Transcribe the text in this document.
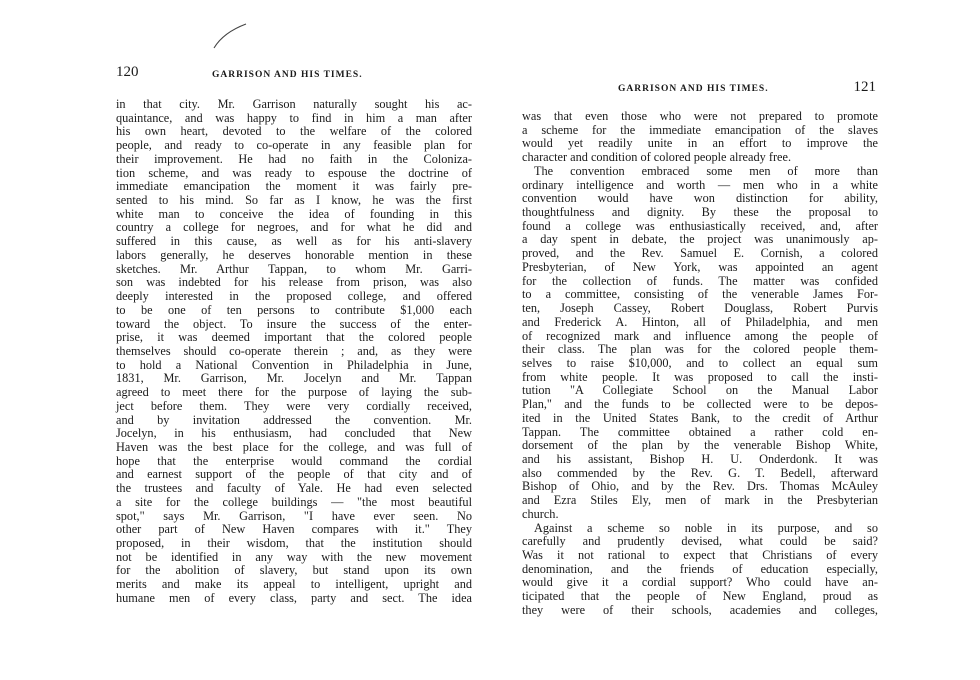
120	GARRISON AND HIS TIMES.

in that city. Mr. Garrison naturally sought his ac-
quaintance, and was happy to find in him a man after
his own heart, devoted to the welfare of the colored
people, and ready to co-operate in any feasible plan for
their improvement. He had no faith in the Coloniza-
tion scheme, and was ready to espouse the doctrine of
immediate emancipation the moment it was fairly pre-
sented to his mind. So far as I know, he was the first
white man to conceive the idea of founding in this
country a college for negroes, and for what he did and
suffered in this cause, as well as for his anti-slavery
labors generally, he deserves honorable mention in these
sketches. Mr. Arthur Tappan, to whom Mr. Garri-
son was indebted for his release from prison, was also
deeply interested in the proposed college, and offered
to be one of ten persons to contribute $1,000 each
toward the object. To insure the success of the enter-
prise, it was deemed important that the colored people
themselves should co-operate therein ; and, as they were
to hold a National Convention in Philadelphia in June,
1831, Mr. Garrison, Mr. Jocelyn and Mr. Tappan
agreed to meet there for the purpose of laying the sub-
ject before them. They were very cordially received,
and by invitation addressed the convention. Mr.
Jocelyn, in his enthusiasm, had concluded that New
Haven was the best place for the college, and was full of
hope that the enterprise would command the cordial
and earnest support of the people of that city and of
the trustees and faculty of Yale. He had even selected
a site for the college buildings — "the most beautiful
spot," says Mr. Garrison, "I have ever seen. No
other part of New Haven compares with it." They
proposed, in their wisdom, that the institution should
not be identified in any way with the new movement
for the abolition of slavery, but stand upon its own
merits and make its appeal to intelligent, upright and
humane men of every class, party and sect. The idea

GARRISON AND HIS TIMES.	121

was that even those who were not prepared to promote
a scheme for the immediate emancipation of the slaves
would yet readily unite in an effort to improve the
character and condition of colored people already free.
The convention embraced some men of more than
ordinary intelligence and worth — men who in a white
convention would have won distinction for ability,
thoughtfulness and dignity. By these the proposal to
found a college was enthusiastically received, and, after
a day spent in debate, the project was unanimously ap-
proved, and the Rev. Samuel E. Cornish, a colored
Presbyterian, of New York, was appointed an agent
for the collection of funds. The matter was confided
to a committee, consisting of the venerable James For-
ten, Joseph Cassey, Robert Douglass, Robert Purvis
and Frederick A. Hinton, all of Philadelphia, and men
of recognized mark and influence among the people of
their class. The plan was for the colored people them-
selves to raise $10,000, and to collect an equal sum
from white people. It was proposed to call the insti-
tution "A Collegiate School on the Manual Labor
Plan," and the funds to be collected were to be depos-
ited in the United States Bank, to the credit of Arthur
Tappan. The committee obtained a rather cold en-
dorsement of the plan by the venerable Bishop White,
and his assistant, Bishop H. U. Onderdonk. It was
also commended by the Rev. G. T. Bedell, afterward
Bishop of Ohio, and by the Rev. Drs. Thomas McAuley
and Ezra Stiles Ely, men of mark in the Presbyterian
church.
Against a scheme so noble in its purpose, and so
carefully and prudently devised, what could be said?
Was it not rational to expect that Christians of every
denomination, and the friends of education especially,
would give it a cordial support? Who could have an-
ticipated that the people of New England, proud as
they were of their schools, academies and colleges,
